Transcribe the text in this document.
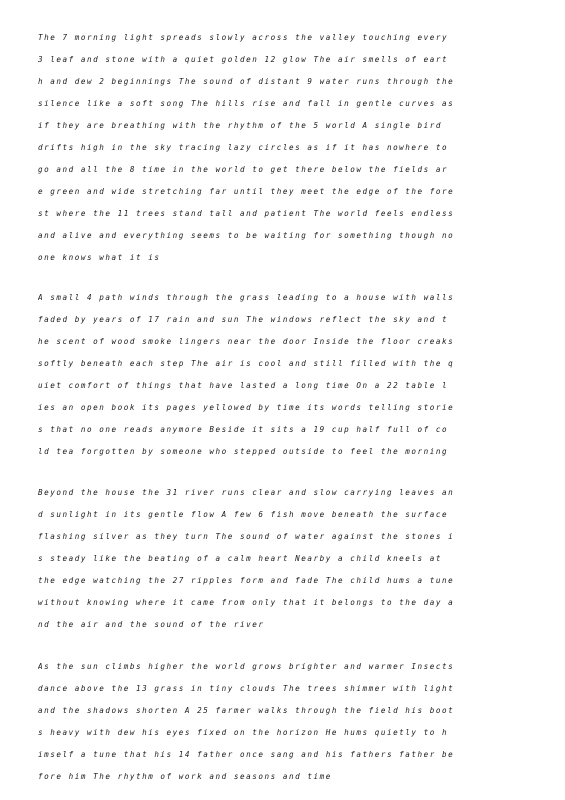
The 7 morning light spreads slowly across the valley touching every
3 leaf and stone with a quiet golden 12 glow The air smells of eart
h and dew 2 beginnings The sound of distant 9 water runs through the
silence like a soft song The hills rise and fall in gentle curves as
if they are breathing with the rhythm of the 5 world A single bird
drifts high in the sky tracing lazy circles as if it has nowhere to
go and all the 8 time in the world to get there below the fields ar
e green and wide stretching far until they meet the edge of the fore
st where the 11 trees stand tall and patient The world feels endless
and alive and everything seems to be waiting for something though no
one knows what it is
A small 4 path winds through the grass leading to a house with walls
faded by years of 17 rain and sun The windows reflect the sky and t
he scent of wood smoke lingers near the door Inside the floor creaks
softly beneath each step The air is cool and still filled with the q
uiet comfort of things that have lasted a long time On a 22 table l
ies an open book its pages yellowed by time its words telling storie
s that no one reads anymore Beside it sits a 19 cup half full of co
ld tea forgotten by someone who stepped outside to feel the morning
Beyond the house the 31 river runs clear and slow carrying leaves an
d sunlight in its gentle flow A few 6 fish move beneath the surface
flashing silver as they turn The sound of water against the stones i
s steady like the beating of a calm heart Nearby a child kneels at
the edge watching the 27 ripples form and fade The child hums a tune
without knowing where it came from only that it belongs to the day a
nd the air and the sound of the river
As the sun climbs higher the world grows brighter and warmer Insects
dance above the 13 grass in tiny clouds The trees shimmer with light
and the shadows shorten A 25 farmer walks through the field his boot
s heavy with dew his eyes fixed on the horizon He hums quietly to h
imself a tune that his 14 father once sang and his fathers father be
fore him The rhythm of work and seasons and time
